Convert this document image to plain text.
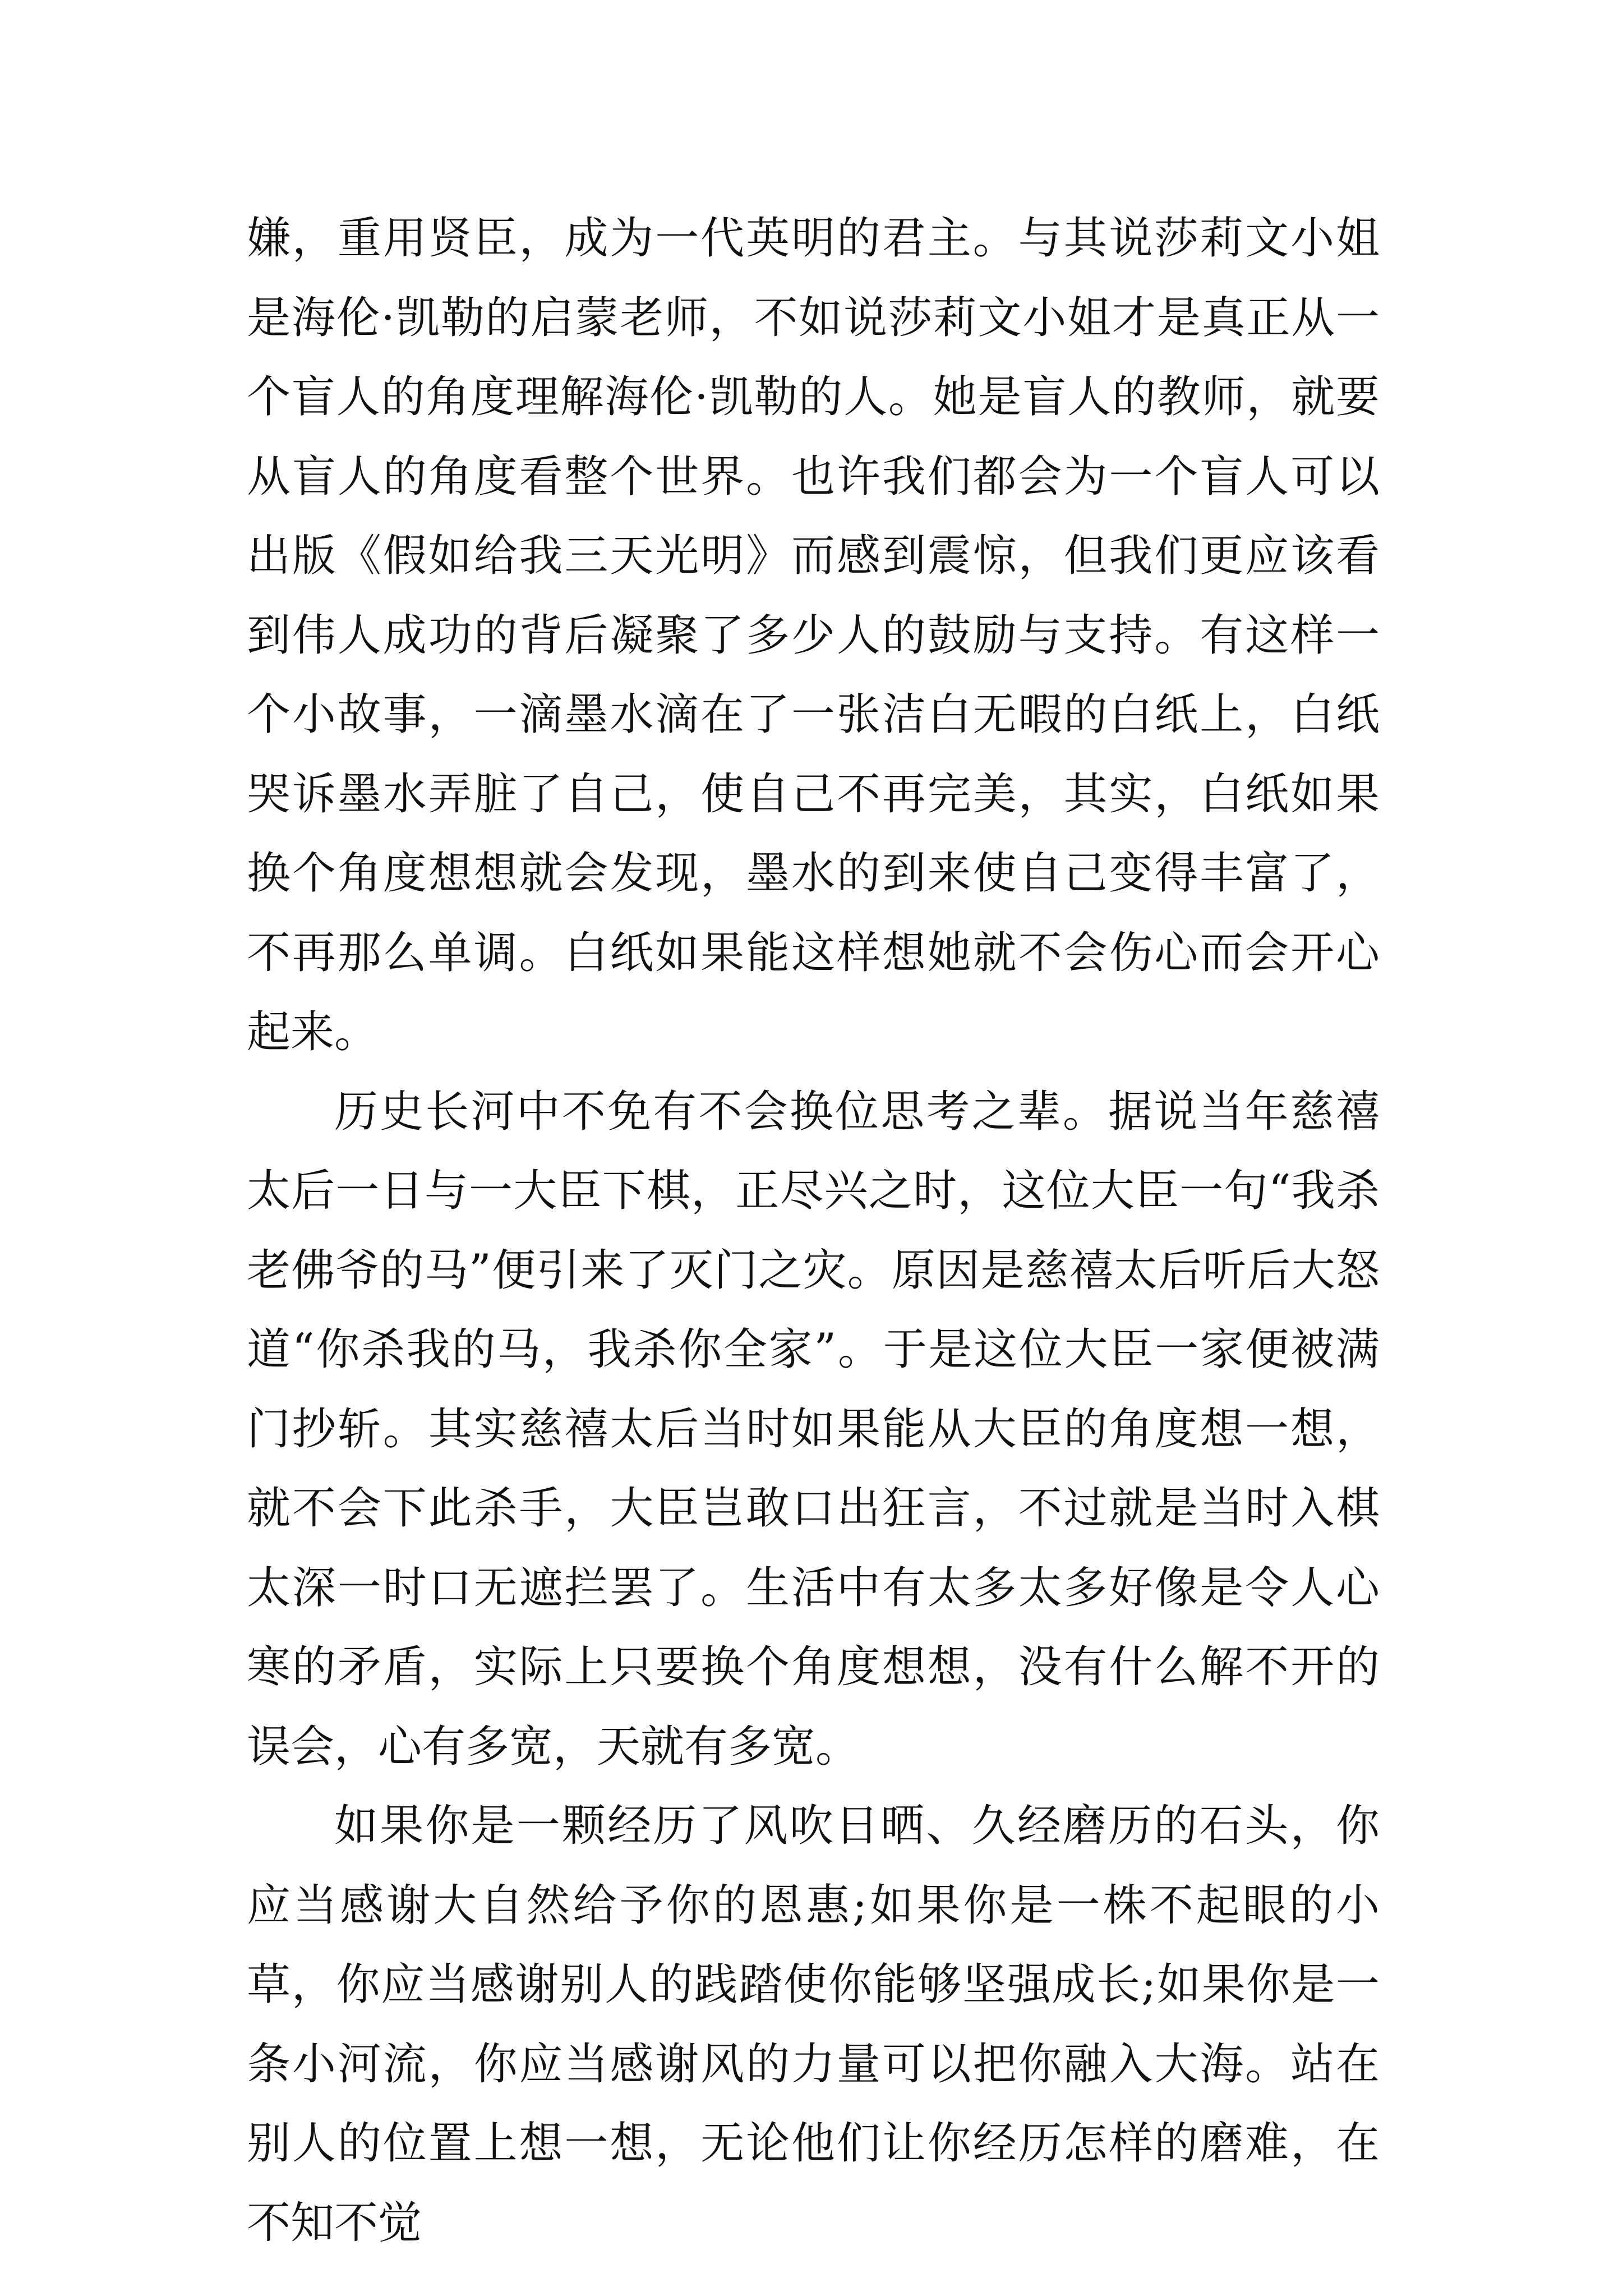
嫌，重用贤臣，成为一代英明的君主。与其说莎莉文小姐是海伦·凯勒的启蒙老师，不如说莎莉文小姐才是真正从一个盲人的角度理解海伦·凯勒的人。她是盲人的教师，就要从盲人的角度看整个世界。也许我们都会为一个盲人可以出版《假如给我三天光明》而感到震惊，但我们更应该看到伟人成功的背后凝聚了多少人的鼓励与支持。有这样一个小故事，一滴墨水滴在了一张洁白无暇的白纸上，白纸哭诉墨水弄脏了自己，使自己不再完美，其实，白纸如果换个角度想想就会发现，墨水的到来使自己变得丰富了，不再那么单调。白纸如果能这样想她就不会伤心而会开心起来。

历史长河中不免有不会换位思考之辈。据说当年慈禧太后一日与一大臣下棋，正尽兴之时，这位大臣一句“我杀老佛爷的马”便引来了灭门之灾。原因是慈禧太后听后大怒道“你杀我的马，我杀你全家”。于是这位大臣一家便被满门抄斩。其实慈禧太后当时如果能从大臣的角度想一想，就不会下此杀手，大臣岂敢口出狂言，不过就是当时入棋太深一时口无遮拦罢了。生活中有太多太多好像是令人心寒的矛盾，实际上只要换个角度想想，没有什么解不开的误会，心有多宽，天就有多宽。

如果你是一颗经历了风吹日晒、久经磨历的石头，你应当感谢大自然给予你的恩惠;如果你是一株不起眼的小草，你应当感谢别人的践踏使你能够坚强成长;如果你是一条小河流，你应当感谢风的力量可以把你融入大海。站在别人的位置上想一想，无论他们让你经历怎样的磨难，在不知不觉
